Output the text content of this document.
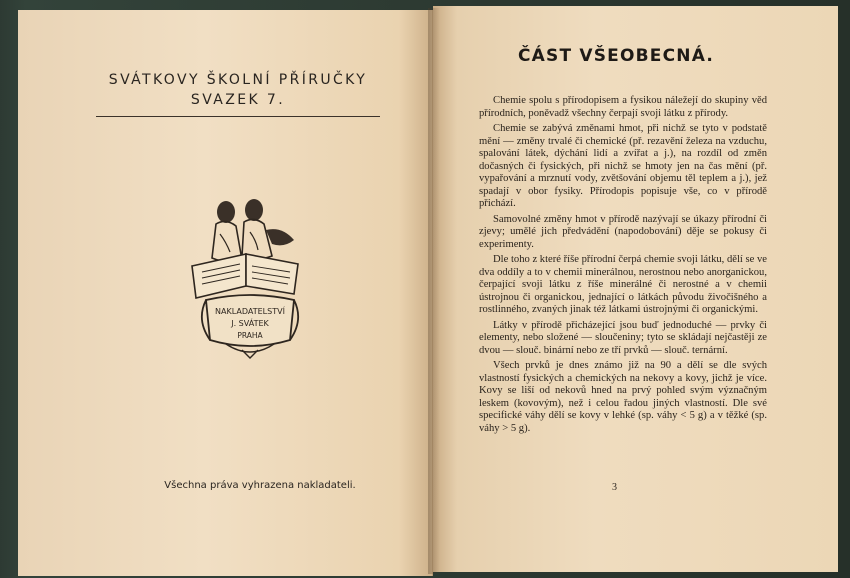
SVÁTKOVY ŠKOLNÍ PŘÍRUČKY
SVAZEK 7.
NAKLADATELSTVÍ
J. SVÁTEK
PRAHA
Všechna práva vyhrazena nakladateli.
ČÁST VŠEOBECNÁ.

Chemie spolu s přírodopisem a fysikou náležejí do skupiny věd přírodních, poněvadž všechny čerpají svoji látku z přírody.

Chemie se zabývá změnami hmot, při nichž se tyto v podstatě mění — změny trvalé či chemické (př. rezavění železa na vzduchu, spalování látek, dýchání lidí a zvířat a j.), na rozdíl od změn dočasných či fysických, při nichž se hmoty jen na čas mění (př. vypařování a mrznutí vody, zvětšování objemu těl teplem a j.), jež spadají v obor fysiky. Přírodopis popisuje vše, co v přírodě přichází.

Samovolné změny hmot v přírodě nazývají se úkazy přírodní či zjevy; umělé jich předvádění (napodobování) děje se pokusy či experimenty.

Dle toho z které říše přírodní čerpá chemie svoji látku, dělí se ve dva oddíly a to v chemii minerálnou, nerostnou nebo anorganickou, čerpající svoji látku z říše minerálné či nerostné a v chemii ústrojnou či organickou, jednající o látkách původu živočišného a rostlinného, zvaných jinak též látkami ústrojnými či organickými.

Látky v přírodě přicházející jsou buď jednoduché — prvky či elementy, nebo složené — sloučeniny; tyto se skládají nejčastěji ze dvou — slouč. binární nebo ze tří prvků — slouč. ternární.

Všech prvků je dnes známo již na 90 a dělí se dle svých vlastností fysických a chemických na nekovy a kovy, jichž je více. Kovy se liší od nekovů hned na prvý pohled svým význačným leskem (kovovým), než i celou řadou jiných vlastností. Dle své specifické váhy dělí se kovy v lehké (sp. váhy < 5 g) a v těžké (sp. váhy > 5 g).

3
